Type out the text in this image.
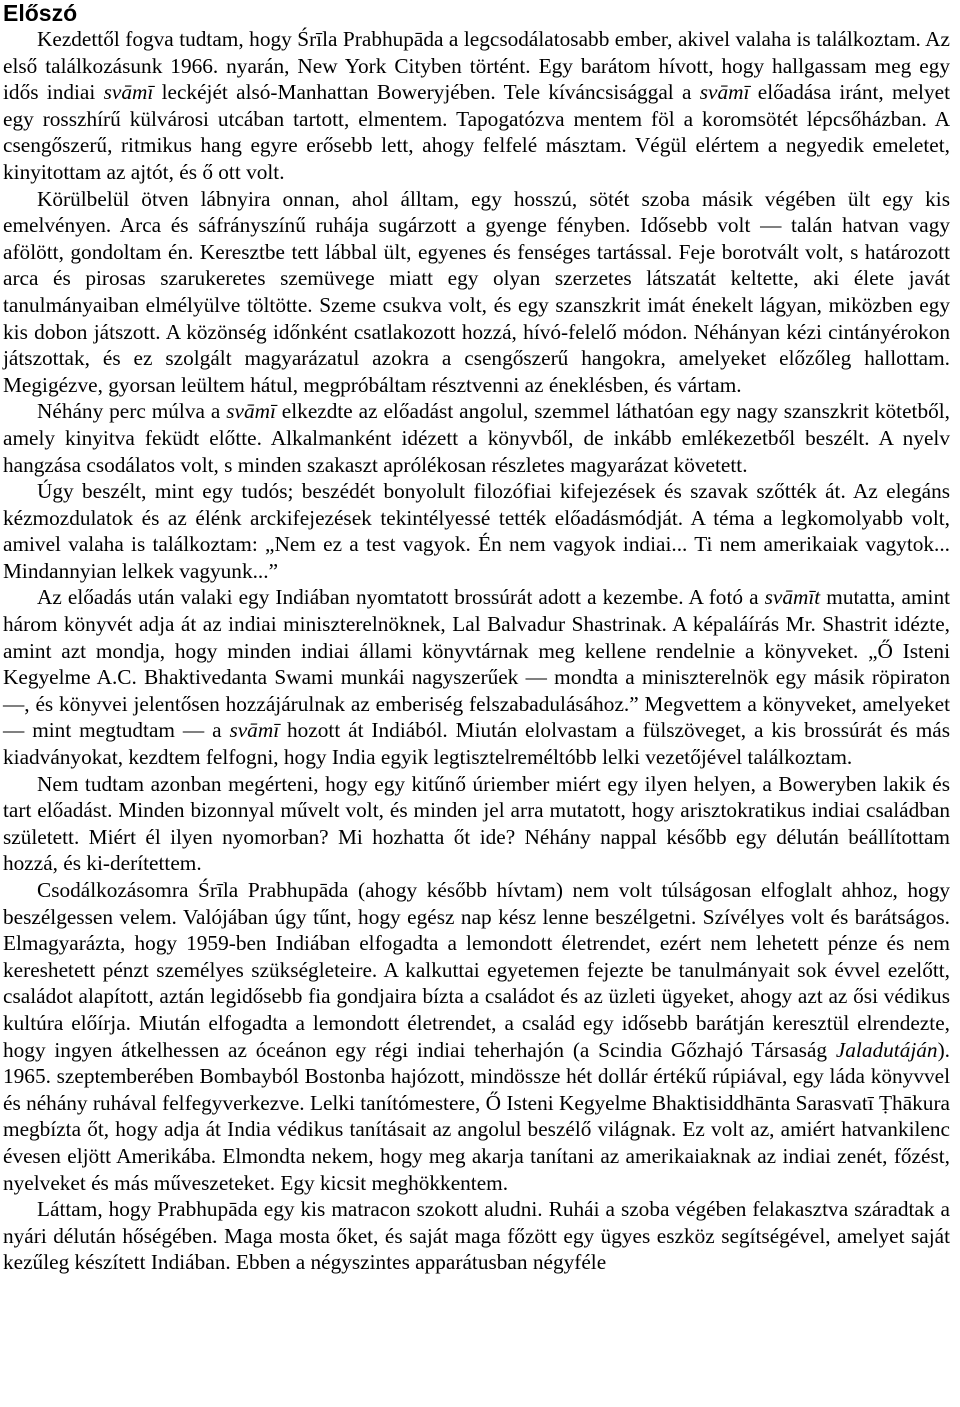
Előszó

Kezdettől fogva tudtam, hogy Śrīla Prabhupāda a legcsodálatosabb ember, akivel valaha is találkoztam. Az első találkozásunk 1966. nyarán, New York Cityben történt. Egy barátom hívott, hogy hallgassam meg egy idős indiai svāmī leckéjét alsó-Manhattan Boweryjében. Tele kíváncsisággal a svāmī előadása iránt, melyet egy rosszhírű külvárosi utcában tartott, elmentem. Tapogatózva mentem föl a koromsötét lépcsőházban. A csengőszerű, ritmikus hang egyre erősebb lett, ahogy felfelé másztam. Végül elértem a negyedik emeletet, kinyitottam az ajtót, és ő ott volt.

Körülbelül ötven lábnyira onnan, ahol álltam, egy hosszú, sötét szoba másik végében ült egy kis emelvényen. Arca és sáfrányszínű ruhája sugárzott a gyenge fényben. Idősebb volt — talán hatvan vagy afölött, gondoltam én. Keresztbe tett lábbal ült, egyenes és fenséges tartással. Feje borotvált volt, s határozott arca és pirosas szarukeretes szemüvege miatt egy olyan szerzetes látszatát keltette, aki élete javát tanulmányaiban elmélyülve töltötte. Szeme csukva volt, és egy szanszkrit imát énekelt lágyan, miközben egy kis dobon játszott. A közönség időnként csatlakozott hozzá, hívó-felelő módon. Néhányan kézi cintányérokon játszottak, és ez szolgált magyarázatul azokra a csengőszerű hangokra, amelyeket előzőleg hallottam. Megigézve, gyorsan leültem hátul, megpróbáltam résztvenni az éneklésben, és vártam.

Néhány perc múlva a svāmī elkezdte az előadást angolul, szemmel láthatóan egy nagy szanszkrit kötetből, amely kinyitva feküdt előtte. Alkalmanként idézett a könyvből, de inkább emlékezetből beszélt. A nyelv hangzása csodálatos volt, s minden szakaszt aprólékosan részletes magyarázat követett.

Úgy beszélt, mint egy tudós; beszédét bonyolult filozófiai kifejezések és szavak szőtték át. Az elegáns kézmozdulatok és az élénk arckifejezések tekintélyessé tették előadásmódját. A téma a legkomolyabb volt, amivel valaha is találkoztam: „Nem ez a test vagyok. Én nem vagyok indiai... Ti nem amerikaiak vagytok... Mindannyian lelkek vagyunk...”

Az előadás után valaki egy Indiában nyomtatott brossúrát adott a kezembe. A fotó a svāmīt mutatta, amint három könyvét adja át az indiai miniszterelnöknek, Lal Balvadur Shastrinak. A képaláírás Mr. Shastrit idézte, amint azt mondja, hogy minden indiai állami könyvtárnak meg kellene rendelnie a könyveket. „Ő Isteni Kegyelme A.C. Bhaktivedanta Swami munkái nagyszerűek — mondta a miniszterelnök egy másik röpiraton —, és könyvei jelentősen hozzájárulnak az emberiség felszabadulásához.” Megvettem a könyveket, amelyeket — mint megtudtam — a svāmī hozott át Indiából. Miután elolvastam a fülszöveget, a kis brossúrát és más kiadványokat, kezdtem felfogni, hogy India egyik legtisztelreméltóbb lelki vezetőjével találkoztam.

Nem tudtam azonban megérteni, hogy egy kitűnő úriember miért egy ilyen helyen, a Boweryben lakik és tart előadást. Minden bizonnyal művelt volt, és minden jel arra mutatott, hogy arisztokratikus indiai családban született. Miért él ilyen nyomorban? Mi hozhatta őt ide? Néhány nappal később egy délután beállítottam hozzá, és ki-derítettem.

Csodálkozásomra Śrīla Prabhupāda (ahogy később hívtam) nem volt túlságosan elfoglalt ahhoz, hogy beszélgessen velem. Valójában úgy tűnt, hogy egész nap kész lenne beszélgetni. Szívélyes volt és barátságos. Elmagyarázta, hogy 1959-ben Indiában elfogadta a lemondott életrendet, ezért nem lehetett pénze és nem kereshetett pénzt személyes szükségleteire. A kalkuttai egyetemen fejezte be tanulmányait sok évvel ezelőtt, családot alapított, aztán legidősebb fia gondjaira bízta a családot és az üzleti ügyeket, ahogy azt az ősi védikus kultúra előírja. Miután elfogadta a lemondott életrendet, a család egy idősebb barátján keresztül elrendezte, hogy ingyen átkelhessen az óceánon egy régi indiai teherhajón (a Scindia Gőzhajó Társaság Jaladutáján). 1965. szeptemberében Bombayból Bostonba hajózott, mindössze hét dollár értékű rúpiával, egy láda könyvvel és néhány ruhával felfegyverkezve. Lelki tanítómestere, Ő Isteni Kegyelme Bhaktisiddhānta Sarasvatī Ṭhākura megbízta őt, hogy adja át India védikus tanításait az angolul beszélő világnak. Ez volt az, amiért hatvankilenc évesen eljött Amerikába. Elmondta nekem, hogy meg akarja tanítani az amerikaiaknak az indiai zenét, főzést, nyelveket és más műveszeteket. Egy kicsit meghökkentem.

Láttam, hogy Prabhupāda egy kis matracon szokott aludni. Ruhái a szoba végében felakasztva száradtak a nyári délután hőségében. Maga mosta őket, és saját maga főzött egy ügyes eszköz segítségével, amelyet saját kezűleg készített Indiában. Ebben a négyszintes apparátusban négyféle
